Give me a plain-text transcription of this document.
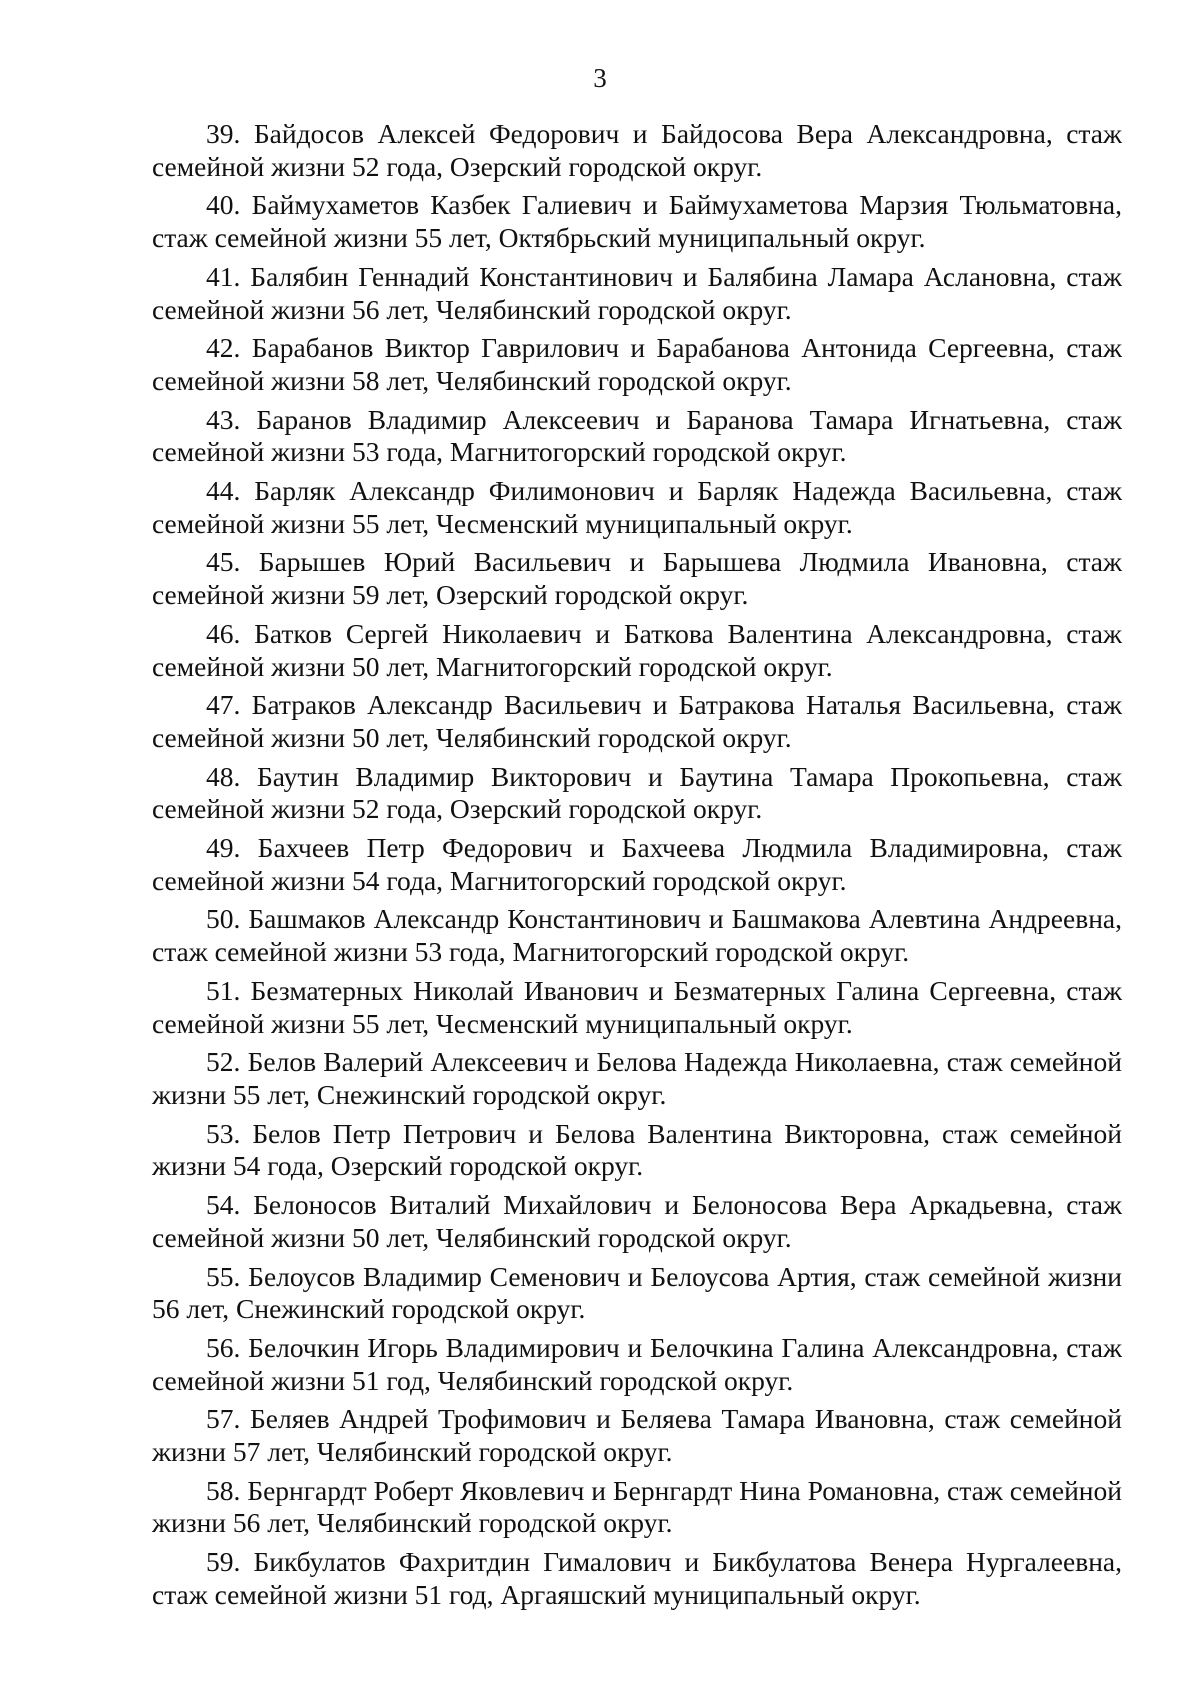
3

39. Байдосов Алексей Федорович и Байдосова Вера Александровна, стаж семейной жизни 52 года, Озерский городской округ.

40. Баймухаметов Казбек Галиевич и Баймухаметова Марзия Тюльматовна, стаж семейной жизни 55 лет, Октябрьский муниципальный округ.

41. Балябин Геннадий Константинович и Балябина Ламара Аслановна, стаж семейной жизни 56 лет, Челябинский городской округ.

42. Барабанов Виктор Гаврилович и Барабанова Антонида Сергеевна, стаж семейной жизни 58 лет, Челябинский городской округ.

43. Баранов Владимир Алексеевич и Баранова Тамара Игнатьевна, стаж семейной жизни 53 года, Магнитогорский городской округ.

44. Барляк Александр Филимонович и Барляк Надежда Васильевна, стаж семейной жизни 55 лет, Чесменский муниципальный округ.

45. Барышев Юрий Васильевич и Барышева Людмила Ивановна, стаж семейной жизни 59 лет, Озерский городской округ.

46. Батков Сергей Николаевич и Баткова Валентина Александровна, стаж семейной жизни 50 лет, Магнитогорский городской округ.

47. Батраков Александр Васильевич и Батракова Наталья Васильевна, стаж семейной жизни 50 лет, Челябинский городской округ.

48. Баутин Владимир Викторович и Баутина Тамара Прокопьевна, стаж семейной жизни 52 года, Озерский городской округ.

49. Бахчеев Петр Федорович и Бахчеева Людмила Владимировна, стаж семейной жизни 54 года, Магнитогорский городской округ.

50. Башмаков Александр Константинович и Башмакова Алевтина Андреевна, стаж семейной жизни 53 года, Магнитогорский городской округ.

51. Безматерных Николай Иванович и Безматерных Галина Сергеевна, стаж семейной жизни 55 лет, Чесменский муниципальный округ.

52. Белов Валерий Алексеевич и Белова Надежда Николаевна, стаж семейной жизни 55 лет, Снежинский городской округ.

53. Белов Петр Петрович и Белова Валентина Викторовна, стаж семейной жизни 54 года, Озерский городской округ.

54. Белоносов Виталий Михайлович и Белоносова Вера Аркадьевна, стаж семейной жизни 50 лет, Челябинский городской округ.

55. Белоусов Владимир Семенович и Белоусова Артия, стаж семейной жизни 56 лет, Снежинский городской округ.

56. Белочкин Игорь Владимирович и Белочкина Галина Александровна, стаж семейной жизни 51 год, Челябинский городской округ.

57. Беляев Андрей Трофимович и Беляева Тамара Ивановна, стаж семейной жизни 57 лет, Челябинский городской округ.

58. Бернгардт Роберт Яковлевич и Бернгардт Нина Романовна, стаж семейной жизни 56 лет, Челябинский городской округ.

59. Бикбулатов Фахритдин Гималович и Бикбулатова Венера Нургалеевна, стаж семейной жизни 51 год, Аргаяшский муниципальный округ.
